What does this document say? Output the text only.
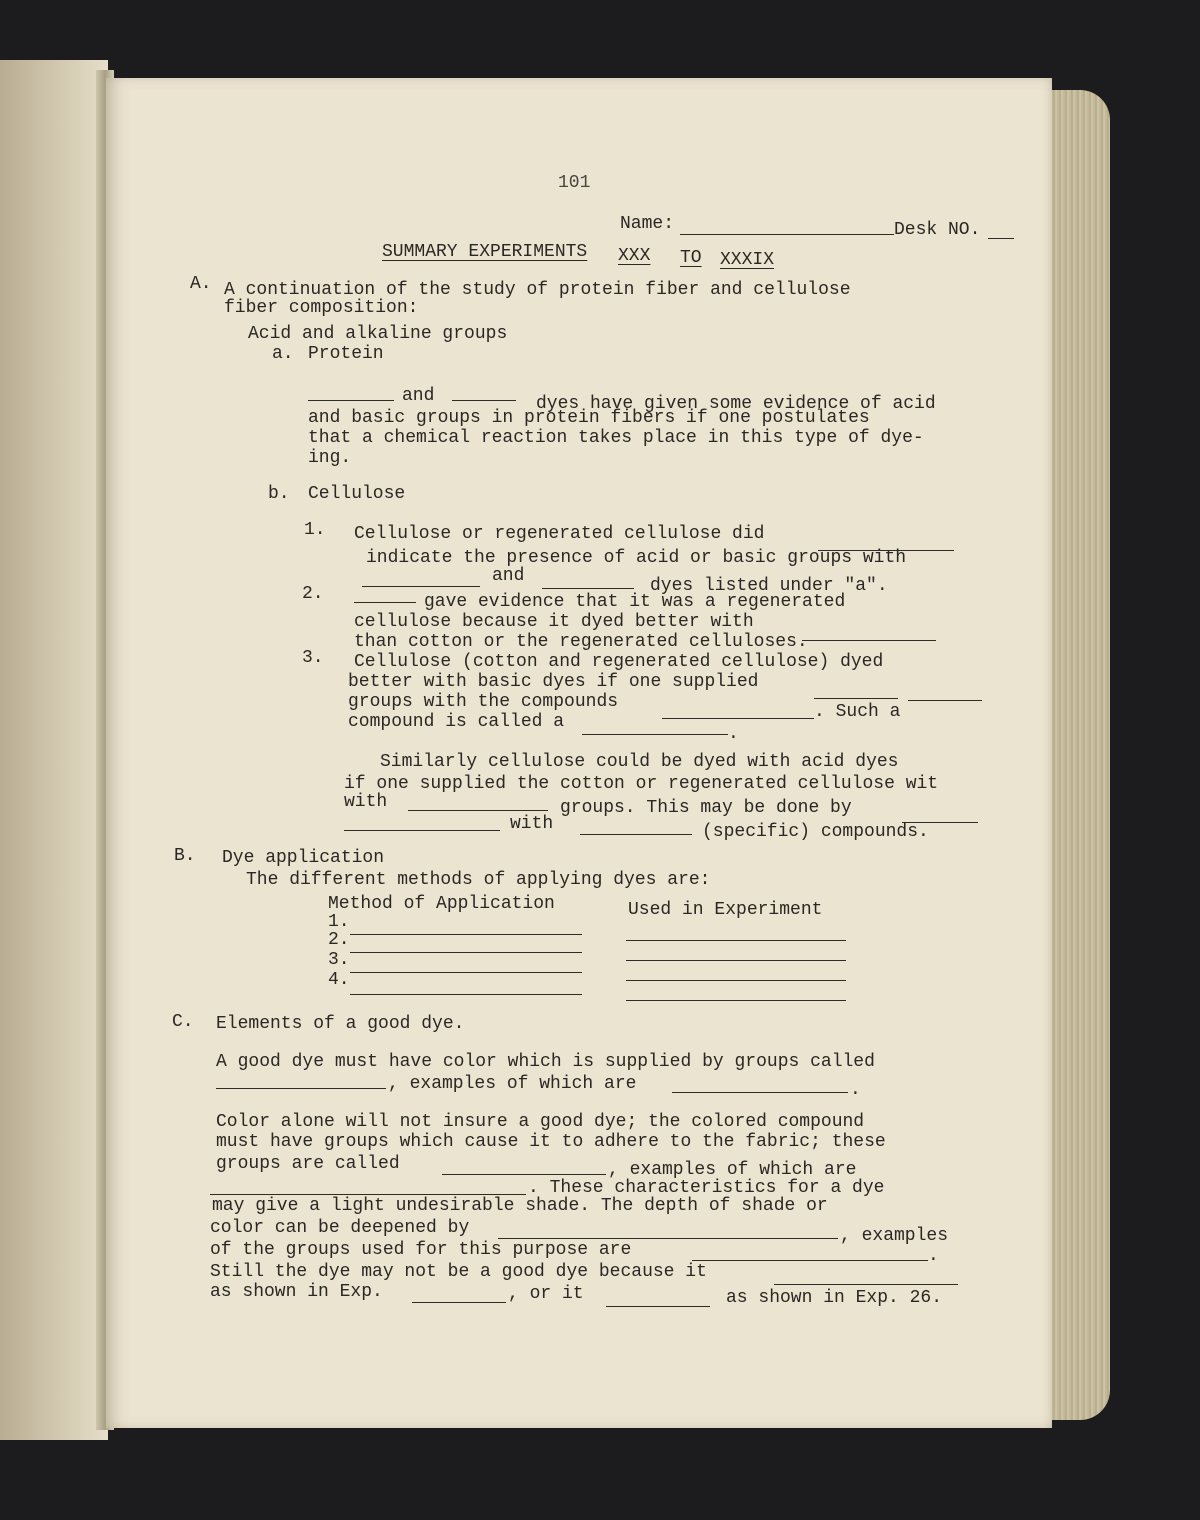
101
Name:	Desk NO.
SUMMARY EXPERIMENTS XXX TO XXXIX
A. A continuation of the study of protein fiber and cellulose
fiber composition:
Acid and alkaline groups
a. Protein
and	dyes have given some evidence of acid
and basic groups in protein fibers if one postulates
that a chemical reaction takes place in this type of dye-
ing.
b. Cellulose
1. Cellulose or regenerated cellulose did
indicate the presence of acid or basic groups with
and	dyes listed under "a".
2.	gave evidence that it was a regenerated
cellulose because it dyed better with
than cotton or the regenerated celluloses.
3. Cellulose (cotton and regenerated cellulose) dyed
better with basic dyes if one supplied
groups with the compounds	. Such a
compound is called a
.
Similarly cellulose could be dyed with acid dyes
if one supplied the cotton or regenerated cellulose wit
with	groups. This may be done by
with	(specific) compounds.
B. Dye application
The different methods of applying dyes are:
Method of Application	Used in Experiment
1.
2.
3.
4.
C. Elements of a good dye.
A good dye must have color which is supplied by groups called
, examples of which are	.
Color alone will not insure a good dye; the colored compound
must have groups which cause it to adhere to the fabric; these
groups are called	, examples of which are
. These characteristics for a dye
may give a light undesirable shade. The depth of shade or
color can be deepened by	, examples
of the groups used for this purpose are	.
Still the dye may not be a good dye because it
as shown in Exp.	, or it	as shown in Exp. 26.
